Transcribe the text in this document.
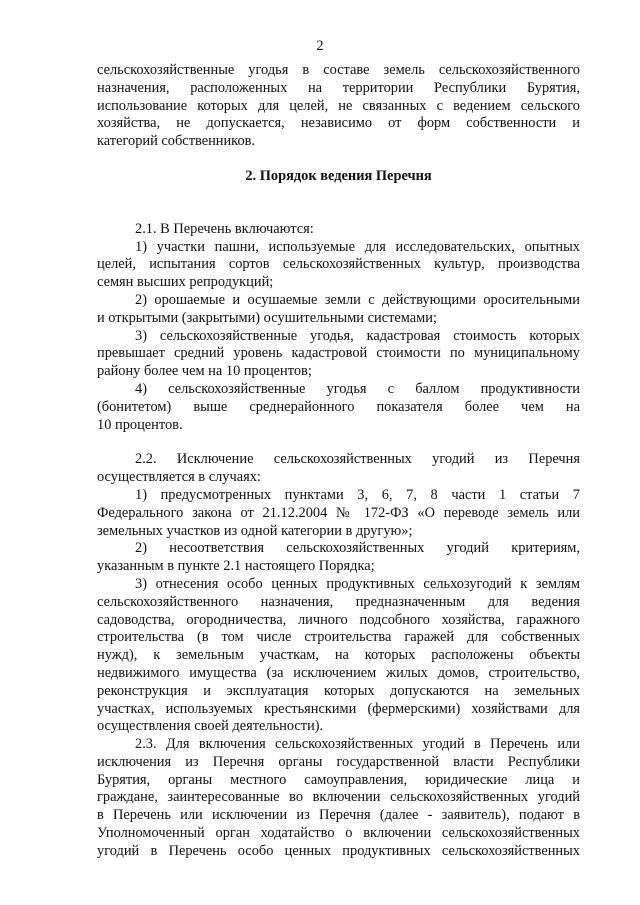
2
сельскохозяйственные угодья в составе земель сельскохозяйственного
назначения, расположенных на территории Республики Бурятия,
использование которых для целей, не связанных с ведением сельского
хозяйства, не допускается, независимо от форм собственности и
категорий собственников.
2. Порядок ведения Перечня
2.1. В Перечень включаются:
1) участки пашни, используемые для исследовательских, опытных
целей, испытания сортов сельскохозяйственных культур, производства
семян высших репродукций;
2) орошаемые и осушаемые земли с действующими оросительными
и открытыми (закрытыми) осушительными системами;
3) сельскохозяйственные угодья, кадастровая стоимость которых
превышает средний уровень кадастровой стоимости по муниципальному
району более чем на 10 процентов;
4) сельскохозяйственные угодья с баллом продуктивности
(бонитетом) выше среднерайонного показателя более чем на
10 процентов.
2.2. Исключение сельскохозяйственных угодий из Перечня
осуществляется в случаях:
1) предусмотренных пунктами 3, 6, 7, 8 части 1 статьи 7
Федерального закона от 21.12.2004 № 172-ФЗ «О переводе земель или
земельных участков из одной категории в другую»;
2) несоответствия сельскохозяйственных угодий критериям,
указанным в пункте 2.1 настоящего Порядка;
3) отнесения особо ценных продуктивных сельхозугодий к землям
сельскохозяйственного назначения, предназначенным для ведения
садоводства, огородничества, личного подсобного хозяйства, гаражного
строительства (в том числе строительства гаражей для собственных
нужд), к земельным участкам, на которых расположены объекты
недвижимого имущества (за исключением жилых домов, строительство,
реконструкция и эксплуатация которых допускаются на земельных
участках, используемых крестьянскими (фермерскими) хозяйствами для
осуществления своей деятельности).
2.3. Для включения сельскохозяйственных угодий в Перечень или
исключения из Перечня органы государственной власти Республики
Бурятия, органы местного самоуправления, юридические лица и
граждане, заинтересованные во включении сельскохозяйственных угодий
в Перечень или исключении из Перечня (далее - заявитель), подают в
Уполномоченный орган ходатайство о включении сельскохозяйственных
угодий в Перечень особо ценных продуктивных сельскохозяйственных
